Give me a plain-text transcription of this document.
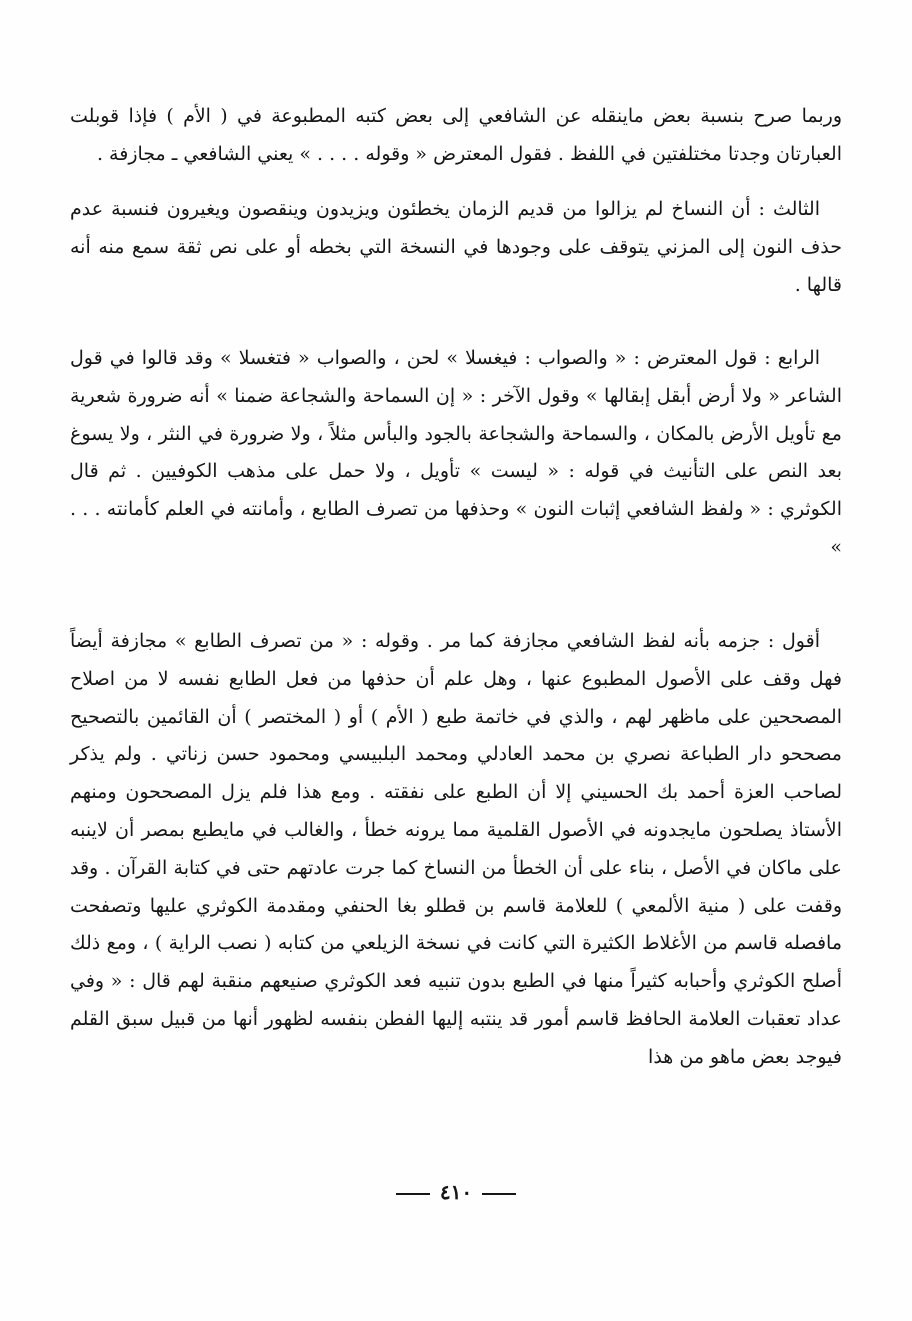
وربما صرح بنسبة بعض ماينقله عن الشافعي إلى بعض كتبه المطبوعة في ( الأم ) فإذا قوبلت العبارتان وجدتا مختلفتين في اللفظ . فقول المعترض « وقوله . . . . » يعني الشافعي ـ مجازفة .

الثالث : أن النساخ لم يزالوا من قديم الزمان يخطئون ويزيدون وينقصون ويغيرون فنسبة عدم حذف النون إلى المزني يتوقف على وجودها في النسخة التي بخطه أو على نص ثقة سمع منه أنه قالها .

الرابع : قول المعترض : « والصواب : فيغسلا » لحن ، والصواب « فتغسلا » وقد قالوا في قول الشاعر « ولا أرض أبقل إبقالها » وقول الآخر : « إن السماحة والشجاعة ضمنا » أنه ضرورة شعرية مع تأويل الأرض بالمكان ، والسماحة والشجاعة بالجود والبأس مثلاً ، ولا ضرورة في النثر ، ولا يسوغ بعد النص على التأنيث في قوله : « ليست » تأويل ، ولا حمل على مذهب الكوفيين . ثم قال الكوثري : « ولفظ الشافعي إثبات النون » وحذفها من تصرف الطابع ، وأمانته في العلم كأمانته . . . »

أقول : جزمه بأنه لفظ الشافعي مجازفة كما مر . وقوله : « من تصرف الطابع » مجازفة أيضاً فهل وقف على الأصول المطبوع عنها ، وهل علم أن حذفها من فعل الطابع نفسه لا من اصلاح المصححين على ماظهر لهم ، والذي في خاتمة طبع ( الأم ) أو ( المختصر ) أن القائمين بالتصحيح مصححو دار الطباعة نصري بن محمد العادلي ومحمد البلبيسي ومحمود حسن زناتي . ولم يذكر لصاحب العزة أحمد بك الحسيني إلا أن الطبع على نفقته . ومع هذا فلم يزل المصححون ومنهم الأستاذ يصلحون مايجدونه في الأصول القلمية مما يرونه خطأ ، والغالب في مايطبع بمصر أن لاينبه على ماكان في الأصل ، بناء على أن الخطأ من النساخ كما جرت عادتهم حتى في كتابة القرآن . وقد وقفت على ( منية الألمعي ) للعلامة قاسم بن قطلو بغا الحنفي ومقدمة الكوثري عليها وتصفحت مافصله قاسم من الأغلاط الكثيرة التي كانت في نسخة الزيلعي من كتابه ( نصب الراية ) ، ومع ذلك أصلح الكوثري وأحبابه كثيراً منها في الطبع بدون تنبيه فعد الكوثري صنيعهم منقبة لهم قال : « وفي عداد تعقبات العلامة الحافظ قاسم أمور قد ينتبه إليها الفطن بنفسه لظهور أنها من قبيل سبق القلم فيوجد بعض ماهو من هذا

٤١٠
